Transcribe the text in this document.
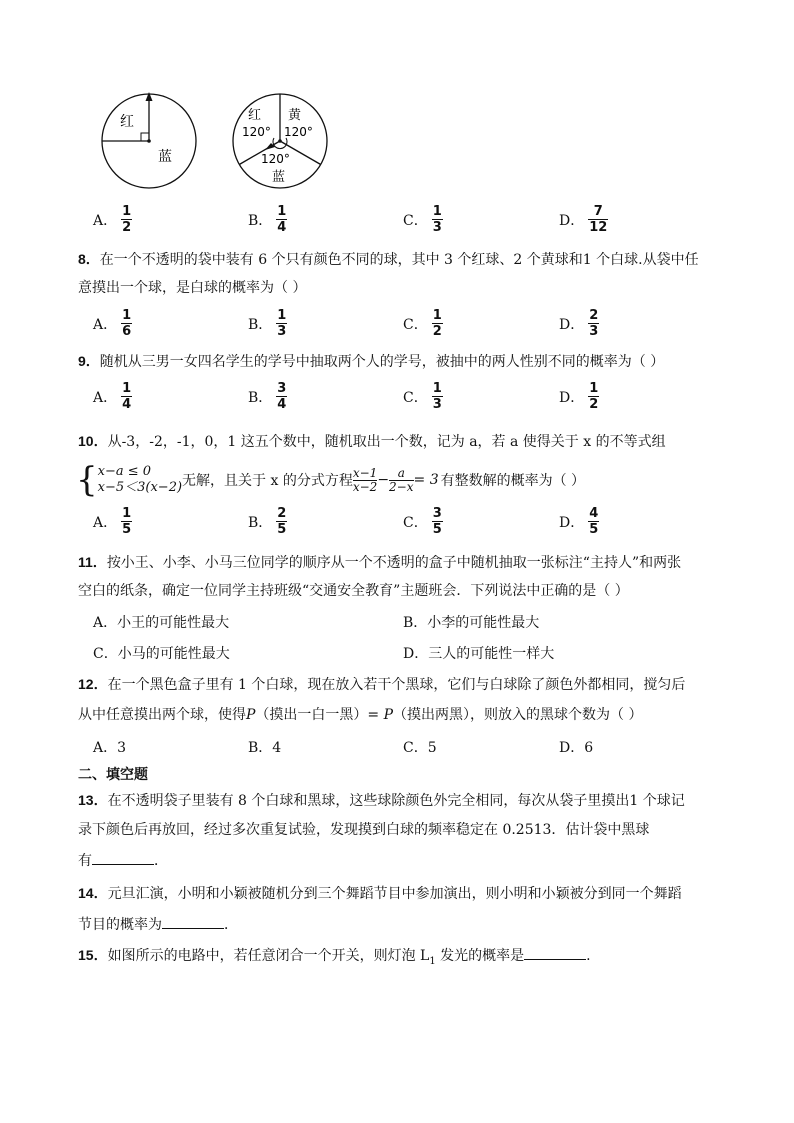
红
蓝
红
120°
黄
120°
120°
蓝
A． $\frac{1}{2}$	B． $\frac{1}{4}$	C． $\frac{1}{3}$	D． $\frac{7}{12}$
8．在一个不透明的袋中装有 6 个只有颜色不同的球，其中 3 个红球、2 个黄球和1 个白球.从袋中任
意摸出一个球，是白球的概率为（ ）
A． $\frac{1}{6}$	B． $\frac{1}{3}$	C． $\frac{1}{2}$	D． $\frac{2}{3}$
9．随机从三男一女四名学生的学号中抽取两个人的学号，被抽中的两人性别不同的概率为（ ）
A． $\frac{1}{4}$	B． $\frac{3}{4}$	C． $\frac{1}{3}$	D． $\frac{1}{2}$
10．从-3，-2，-1，0，1 这五个数中，随机取出一个数，记为 a，若 a 使得关于 x 的不等式组
{ x−a ≤ 0
x−5＜3(x−2) 无解，且关于 x 的分式方程
x−1
x−2 − a
2−x = 3 有整数解的概率为（ ）
A． $\frac{1}{5}$	B． $\frac{2}{5}$	C． $\frac{3}{5}$	D． $\frac{4}{5}$
11．按小王、小李、小马三位同学的顺序从一个不透明的盒子中随机抽取一张标注“主持人”和两张
空白的纸条，确定一位同学主持班级“交通安全教育”主题班会．下列说法中正确的是（ ）
A．小王的可能性最大	B．小李的可能性最大
C．小马的可能性最大	D．三人的可能性一样大
12．在一个黑色盒子里有 1 个白球，现在放入若干个黑球，它们与白球除了颜色外都相同，搅匀后
从中任意摸出两个球，使得𝑃（摸出一白一黑）= 𝑃（摸出两黑），则放入的黑球个数为（ ）
A．3	B．4	C．5	D．6
二、填空题
13．在不透明袋子里装有 8 个白球和黑球，这些球除颜色外完全相同，每次从袋子里摸出1 个球记
录下颜色后再放回，经过多次重复试验，发现摸到白球的频率稳定在 0.2513．估计袋中黑球
有	．
14．元旦汇演，小明和小颖被随机分到三个舞蹈节目中参加演出，则小明和小颖被分到同一个舞蹈
节目的概率为	．
15．如图所示的电路中，若任意闭合一个开关，则灯泡 $L_1$ 发光的概率是	.
